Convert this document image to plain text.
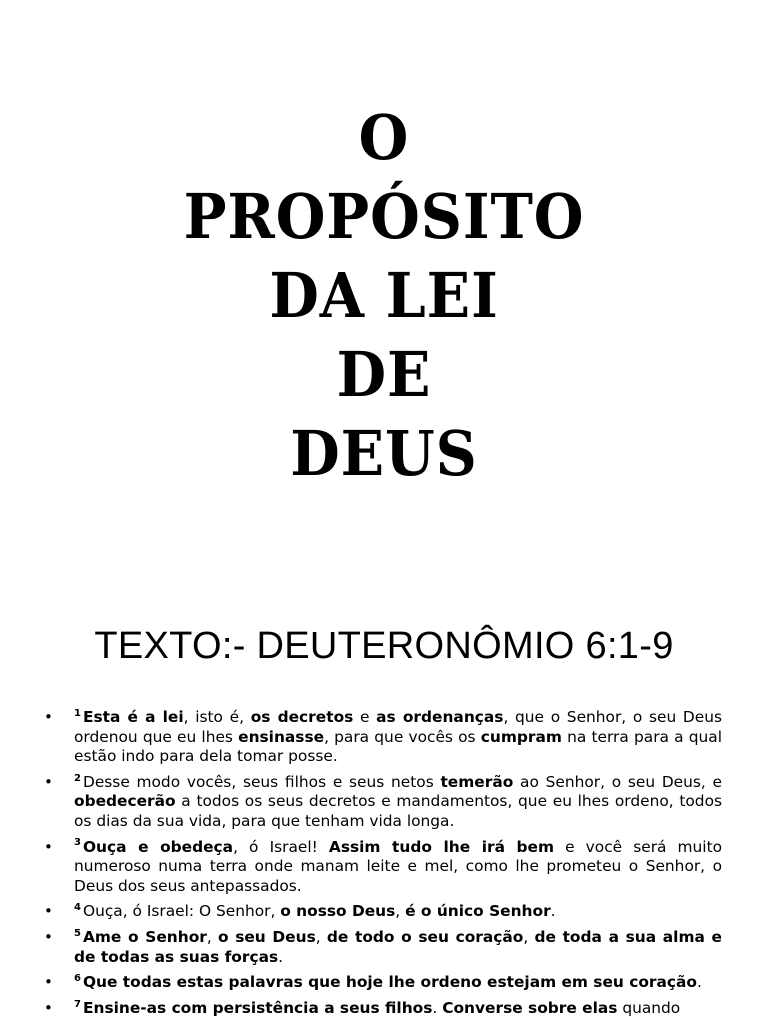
O
PROPÓSITO
DA LEI
DE
DEUS
TEXTO:- DEUTERONÔMIO 6:1-9
• $^1$ Esta é a lei, isto é, os decretos e as ordenanças, que o Senhor, o seu Deus ordenou que eu lhes ensinasse, para que vocês os cumpram na terra para a qual estão indo para dela tomar posse.
• $^2$ Desse modo vocês, seus filhos e seus netos temerão ao Senhor, o seu Deus, e obedecerão a todos os seus decretos e mandamentos, que eu lhes ordeno, todos os dias da sua vida, para que tenham vida longa.
• $^3$ Ouça e obedeça, ó Israel! Assim tudo lhe irá bem e você será muito numeroso numa terra onde manam leite e mel, como lhe prometeu o Senhor, o Deus dos seus antepassados.
• $^4$ Ouça, ó Israel: O Senhor, o nosso Deus, é o único Senhor.
• $^5$ Ame o Senhor, o seu Deus, de todo o seu coração, de toda a sua alma e de todas as suas forças.
• $^6$ Que todas estas palavras que hoje lhe ordeno estejam em seu coração.
• $^7$ Ensine-as com persistência a seus filhos. Converse sobre elas quando
